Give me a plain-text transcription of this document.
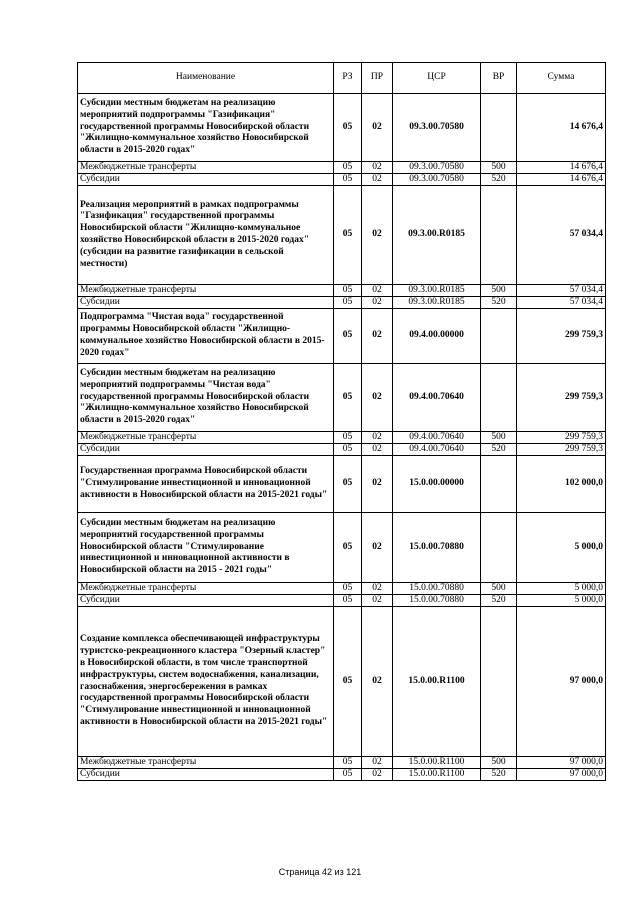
Наименование	РЗ	ПР	ЦСР	ВР	Сумма
Субсидии местным бюджетам на реализацию мероприятий подпрограммы "Газификация" государственной программы Новосибирской области "Жилищно-коммунальное хозяйство Новосибирской области в 2015-2020 годах"	05	02	09.3.00.70580		14 676,4
Межбюджетные трансферты	05	02	09.3.00.70580	500	14 676,4
Субсидии	05	02	09.3.00.70580	520	14 676,4
Реализация мероприятий в рамках подпрограммы "Газификация" государственной программы Новосибирской области "Жилищно-коммунальное хозяйство Новосибирской области в 2015-2020 годах" (субсидии на развитие газификации в сельской местности)	05	02	09.3.00.R0185		57 034,4
Межбюджетные трансферты	05	02	09.3.00.R0185	500	57 034,4
Субсидии	05	02	09.3.00.R0185	520	57 034,4
Подпрограмма "Чистая вода" государственной программы Новосибирской области "Жилищно-коммунальное хозяйство Новосибирской области в 2015-2020 годах"	05	02	09.4.00.00000		299 759,3
Субсидии местным бюджетам на реализацию мероприятий подпрограммы "Чистая вода" государственной программы Новосибирской области "Жилищно-коммунальное хозяйство Новосибирской области в 2015-2020 годах"	05	02	09.4.00.70640		299 759,3
Межбюджетные трансферты	05	02	09.4.00.70640	500	299 759,3
Субсидии	05	02	09.4.00.70640	520	299 759,3
Государственная программа Новосибирской области "Стимулирование инвестиционной и инновационной активности в Новосибирской области на 2015-2021 годы"	05	02	15.0.00.00000		102 000,0
Субсидии местным бюджетам на реализацию мероприятий государственной программы Новосибирской области "Стимулирование инвестиционной и инновационной активности в Новосибирской области на 2015 - 2021 годы"	05	02	15.0.00.70880		5 000,0
Межбюджетные трансферты	05	02	15.0.00.70880	500	5 000,0
Субсидии	05	02	15.0.00.70880	520	5 000,0
Создание комплекса обеспечивающей инфраструктуры туристско-рекреационного кластера "Озерный кластер" в Новосибирской области, в том числе транспортной инфраструктуры, систем водоснабжения, канализации, газоснабжения, энергосбережения в рамках государственной программы Новосибирской области "Стимулирование инвестиционной и инновационной активности в Новосибирской области на 2015-2021 годы"	05	02	15.0.00.R1100		97 000,0
Межбюджетные трансферты	05	02	15.0.00.R1100	500	97 000,0
Субсидии	05	02	15.0.00.R1100	520	97 000,0
Страница 42 из 121
